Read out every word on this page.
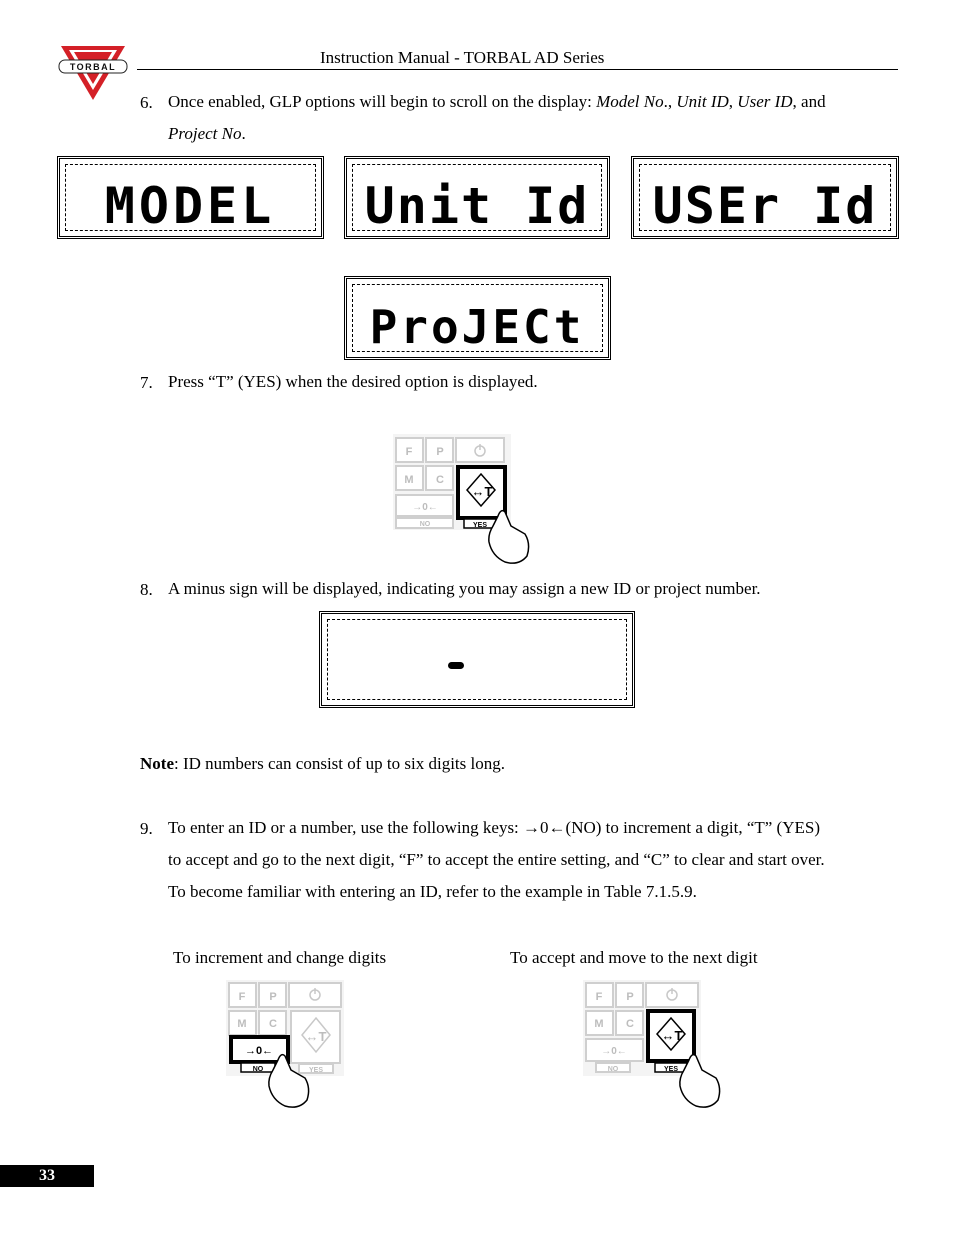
TORBAL	Instruction Manual - TORBAL AD Series
6. Once enabled, GLP options will begin to scroll on the display: Model No., Unit ID, User ID, and
Project No.
MODEL Unit Id USEr Id
ProJECt
7. Press “T” (YES) when the desired option is displayed.
F P
M C
→0←
NO
↔T
YES
8. A minus sign will be displayed, indicating you may assign a new ID or project number.
Note: ID numbers can consist of up to six digits long.
9. To enter an ID or a number, use the following keys: →0←(NO) to increment a digit, “T” (YES)
to accept and go to the next digit, “F” to accept the entire setting, and “C” to clear and start over.
To become familiar with entering an ID, refer to the example in Table 7.1.5.9.
To increment and change digits	To accept and move to the next digit
F P
M C
↔T
YES
→0←
NO
F P
M C
→0←
NO
↔T
YES
33
